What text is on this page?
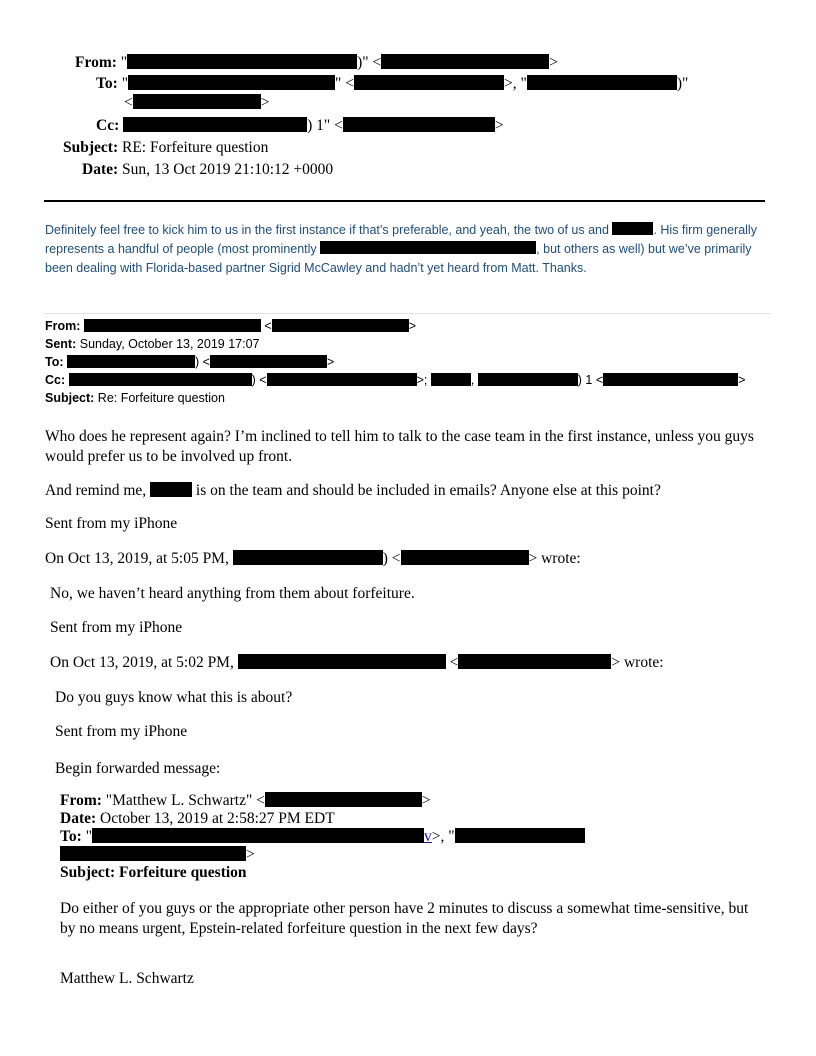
From: "	)" <	>
To: "	" <	>, "	)"
<	>
Cc:	) 1" <	>
Subject: RE: Forfeiture question
Date: Sun, 13 Oct 2019 21:10:12 +0000
Definitely feel free to kick him to us in the first instance if that’s preferable, and yeah, the two of us and	. His firm generally represents a handful of people (most prominently	, but others as well) but we’ve primarily been dealing with Florida-based partner Sigrid McCawley and hadn’t yet heard from Matt. Thanks.
From:	<	>
Sent: Sunday, October 13, 2019 17:07
To:	) <	>
Cc:	) <	>;	,	) 1 <	>
Subject: Re: Forfeiture question
Who does he represent again? I’m inclined to tell him to talk to the case team in the first instance, unless you guys would prefer us to be involved up front.
And remind me,	is on the team and should be included in emails? Anyone else at this point?
Sent from my iPhone
On Oct 13, 2019, at 5:05 PM,	) <	> wrote:
No, we haven’t heard anything from them about forfeiture.
Sent from my iPhone
On Oct 13, 2019, at 5:02 PM,	<	> wrote:
Do you guys know what this is about?
Sent from my iPhone
Begin forwarded message:
From: "Matthew L. Schwartz" <	>
Date: October 13, 2019 at 2:58:27 PM EDT
To: "	v>, "
>
Subject: Forfeiture question
Do either of you guys or the appropriate other person have 2 minutes to discuss a somewhat time-sensitive, but by no means urgent, Epstein-related forfeiture question in the next few days?
Matthew L. Schwartz
